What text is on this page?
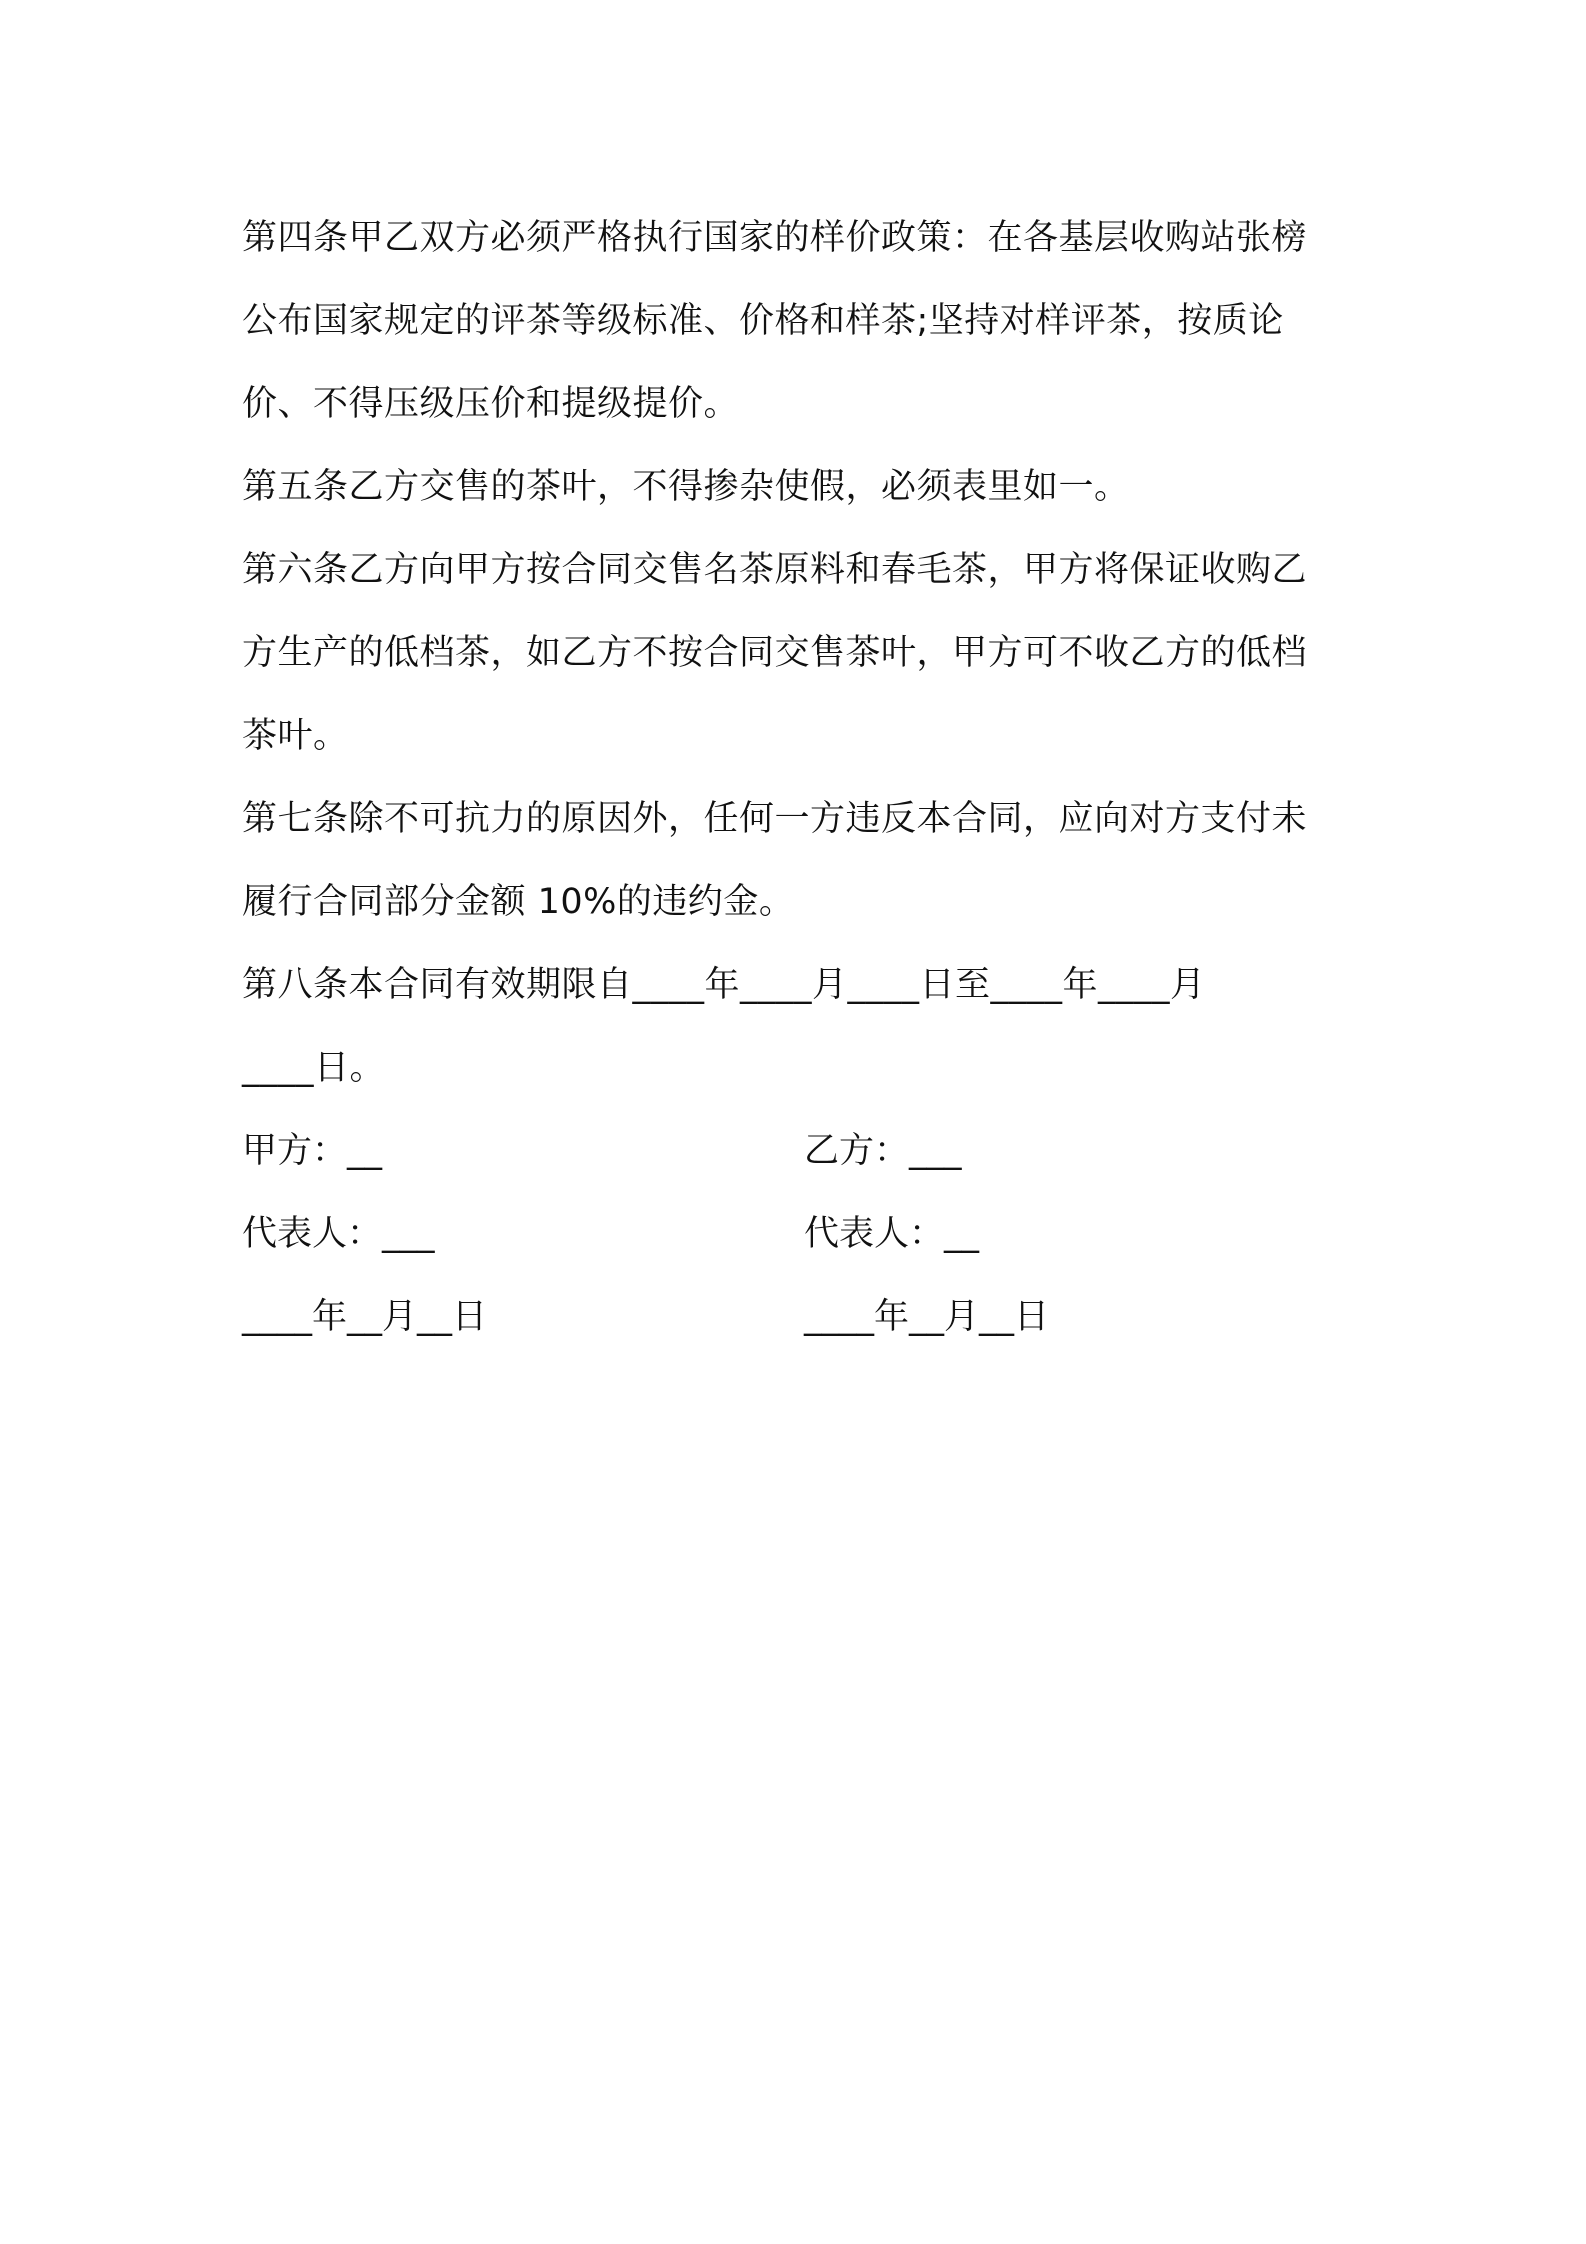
第四条甲乙双方必须严格执行国家的样价政策：在各基层收购站张榜
公布国家规定的评茶等级标准、价格和样茶;坚持对样评茶，按质论
价、不得压级压价和提级提价。
第五条乙方交售的茶叶，不得掺杂使假，必须表里如一。
第六条乙方向甲方按合同交售名茶原料和春毛茶，甲方将保证收购乙
方生产的低档茶，如乙方不按合同交售茶叶，甲方可不收乙方的低档
茶叶。
第七条除不可抗力的原因外，任何一方违反本合同，应向对方支付未
履行合同部分金额 10%的违约金。
第八条本合同有效期限自____年____月____日至____年____月
____日。
甲方：__	乙方：___
代表人：___	代表人：__
____年__月__日	____年__月__日
